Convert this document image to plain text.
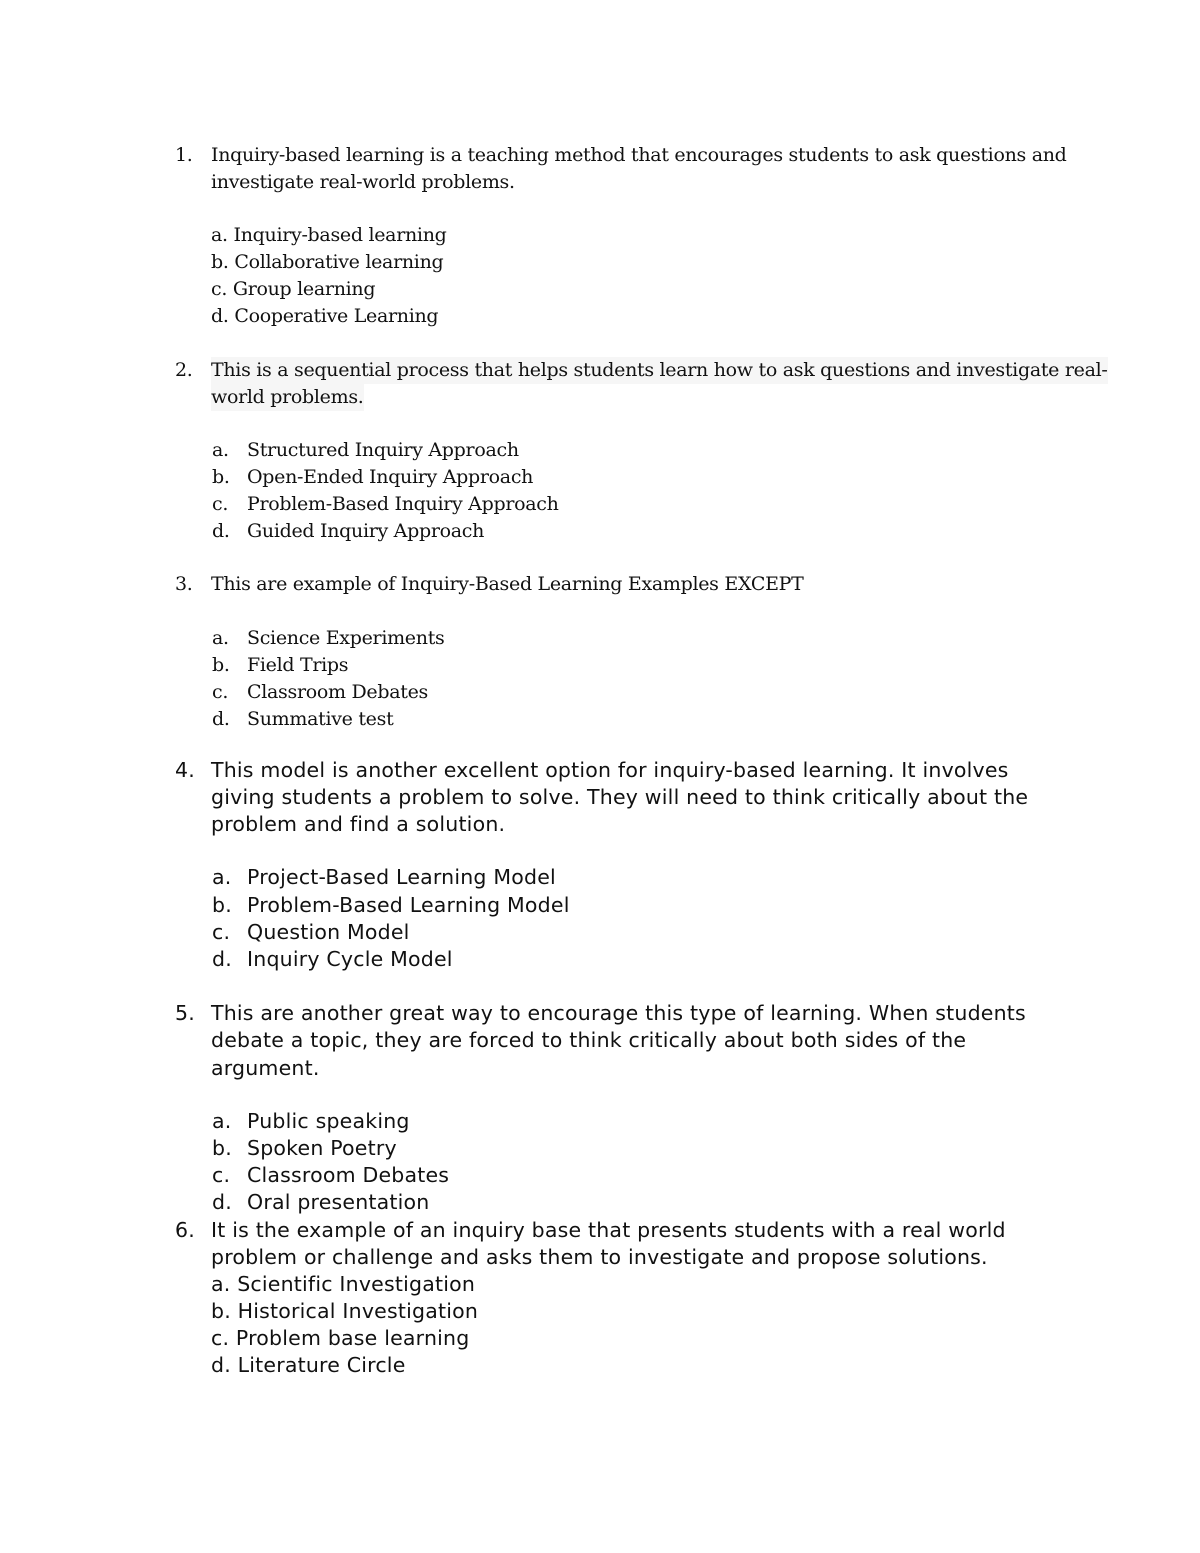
1. Inquiry-based learning is a teaching method that encourages students to ask questions and
investigate real-world problems.
a. Inquiry-based learning
b. Collaborative learning
c. Group learning
d. Cooperative Learning
2. This is a sequential process that helps students learn how to ask questions and investigate real-
world problems.
a. Structured Inquiry Approach
b. Open-Ended Inquiry Approach
c. Problem-Based Inquiry Approach
d. Guided Inquiry Approach
3. This are example of Inquiry-Based Learning Examples EXCEPT
a. Science Experiments
b. Field Trips
c. Classroom Debates
d. Summative test
4. This model is another excellent option for inquiry-based learning. It involves
giving students a problem to solve. They will need to think critically about the
problem and find a solution.
a. Project-Based Learning Model
b. Problem-Based Learning Model
c. Question Model
d. Inquiry Cycle Model
5. This are another great way to encourage this type of learning. When students
debate a topic, they are forced to think critically about both sides of the
argument.
a. Public speaking
b. Spoken Poetry
c. Classroom Debates
d. Oral presentation
6. It is the example of an inquiry base that presents students with a real world
problem or challenge and asks them to investigate and propose solutions.
a. Scientific Investigation
b. Historical Investigation
c. Problem base learning
d. Literature Circle
